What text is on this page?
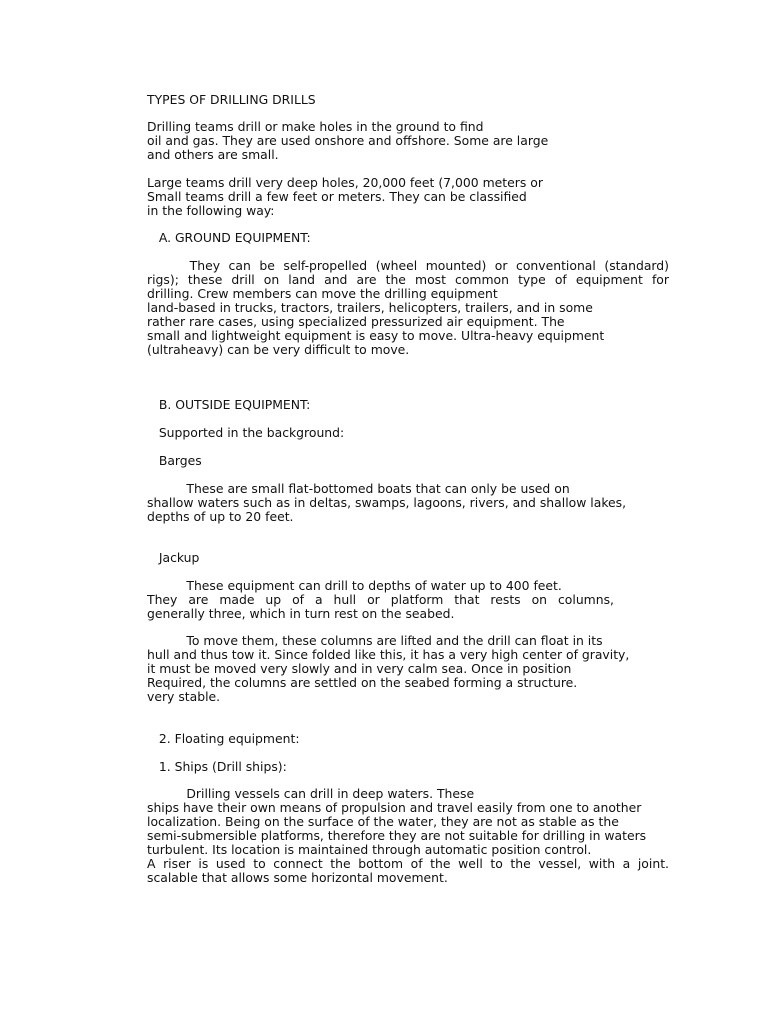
TYPES OF DRILLING DRILLS
Drilling teams drill or make holes in the ground to find
oil and gas. They are used onshore and offshore. Some are large
and others are small.
Large teams drill very deep holes, 20,000 feet (7,000 meters or
Small teams drill a few feet or meters. They can be classified
in the following way:
A. GROUND EQUIPMENT:
They can be self-propelled (wheel mounted) or conventional (standard)
rigs); these drill on land and are the most common type of equipment for
drilling. Crew members can move the drilling equipment
land-based in trucks, tractors, trailers, helicopters, trailers, and in some
rather rare cases, using specialized pressurized air equipment. The
small and lightweight equipment is easy to move. Ultra-heavy equipment
(ultraheavy) can be very difficult to move.
B. OUTSIDE EQUIPMENT:
Supported in the background:
Barges
These are small flat-bottomed boats that can only be used on
shallow waters such as in deltas, swamps, lagoons, rivers, and shallow lakes,
depths of up to 20 feet.
Jackup
These equipment can drill to depths of water up to 400 feet.
They are made up of a hull or platform that rests on columns,
generally three, which in turn rest on the seabed.
To move them, these columns are lifted and the drill can float in its
hull and thus tow it. Since folded like this, it has a very high center of gravity,
it must be moved very slowly and in very calm sea. Once in position
Required, the columns are settled on the seabed forming a structure.
very stable.
2. Floating equipment:
1. Ships (Drill ships):
Drilling vessels can drill in deep waters. These
ships have their own means of propulsion and travel easily from one to another
localization. Being on the surface of the water, they are not as stable as the
semi-submersible platforms, therefore they are not suitable for drilling in waters
turbulent. Its location is maintained through automatic position control.
A riser is used to connect the bottom of the well to the vessel, with a joint.
scalable that allows some horizontal movement.
